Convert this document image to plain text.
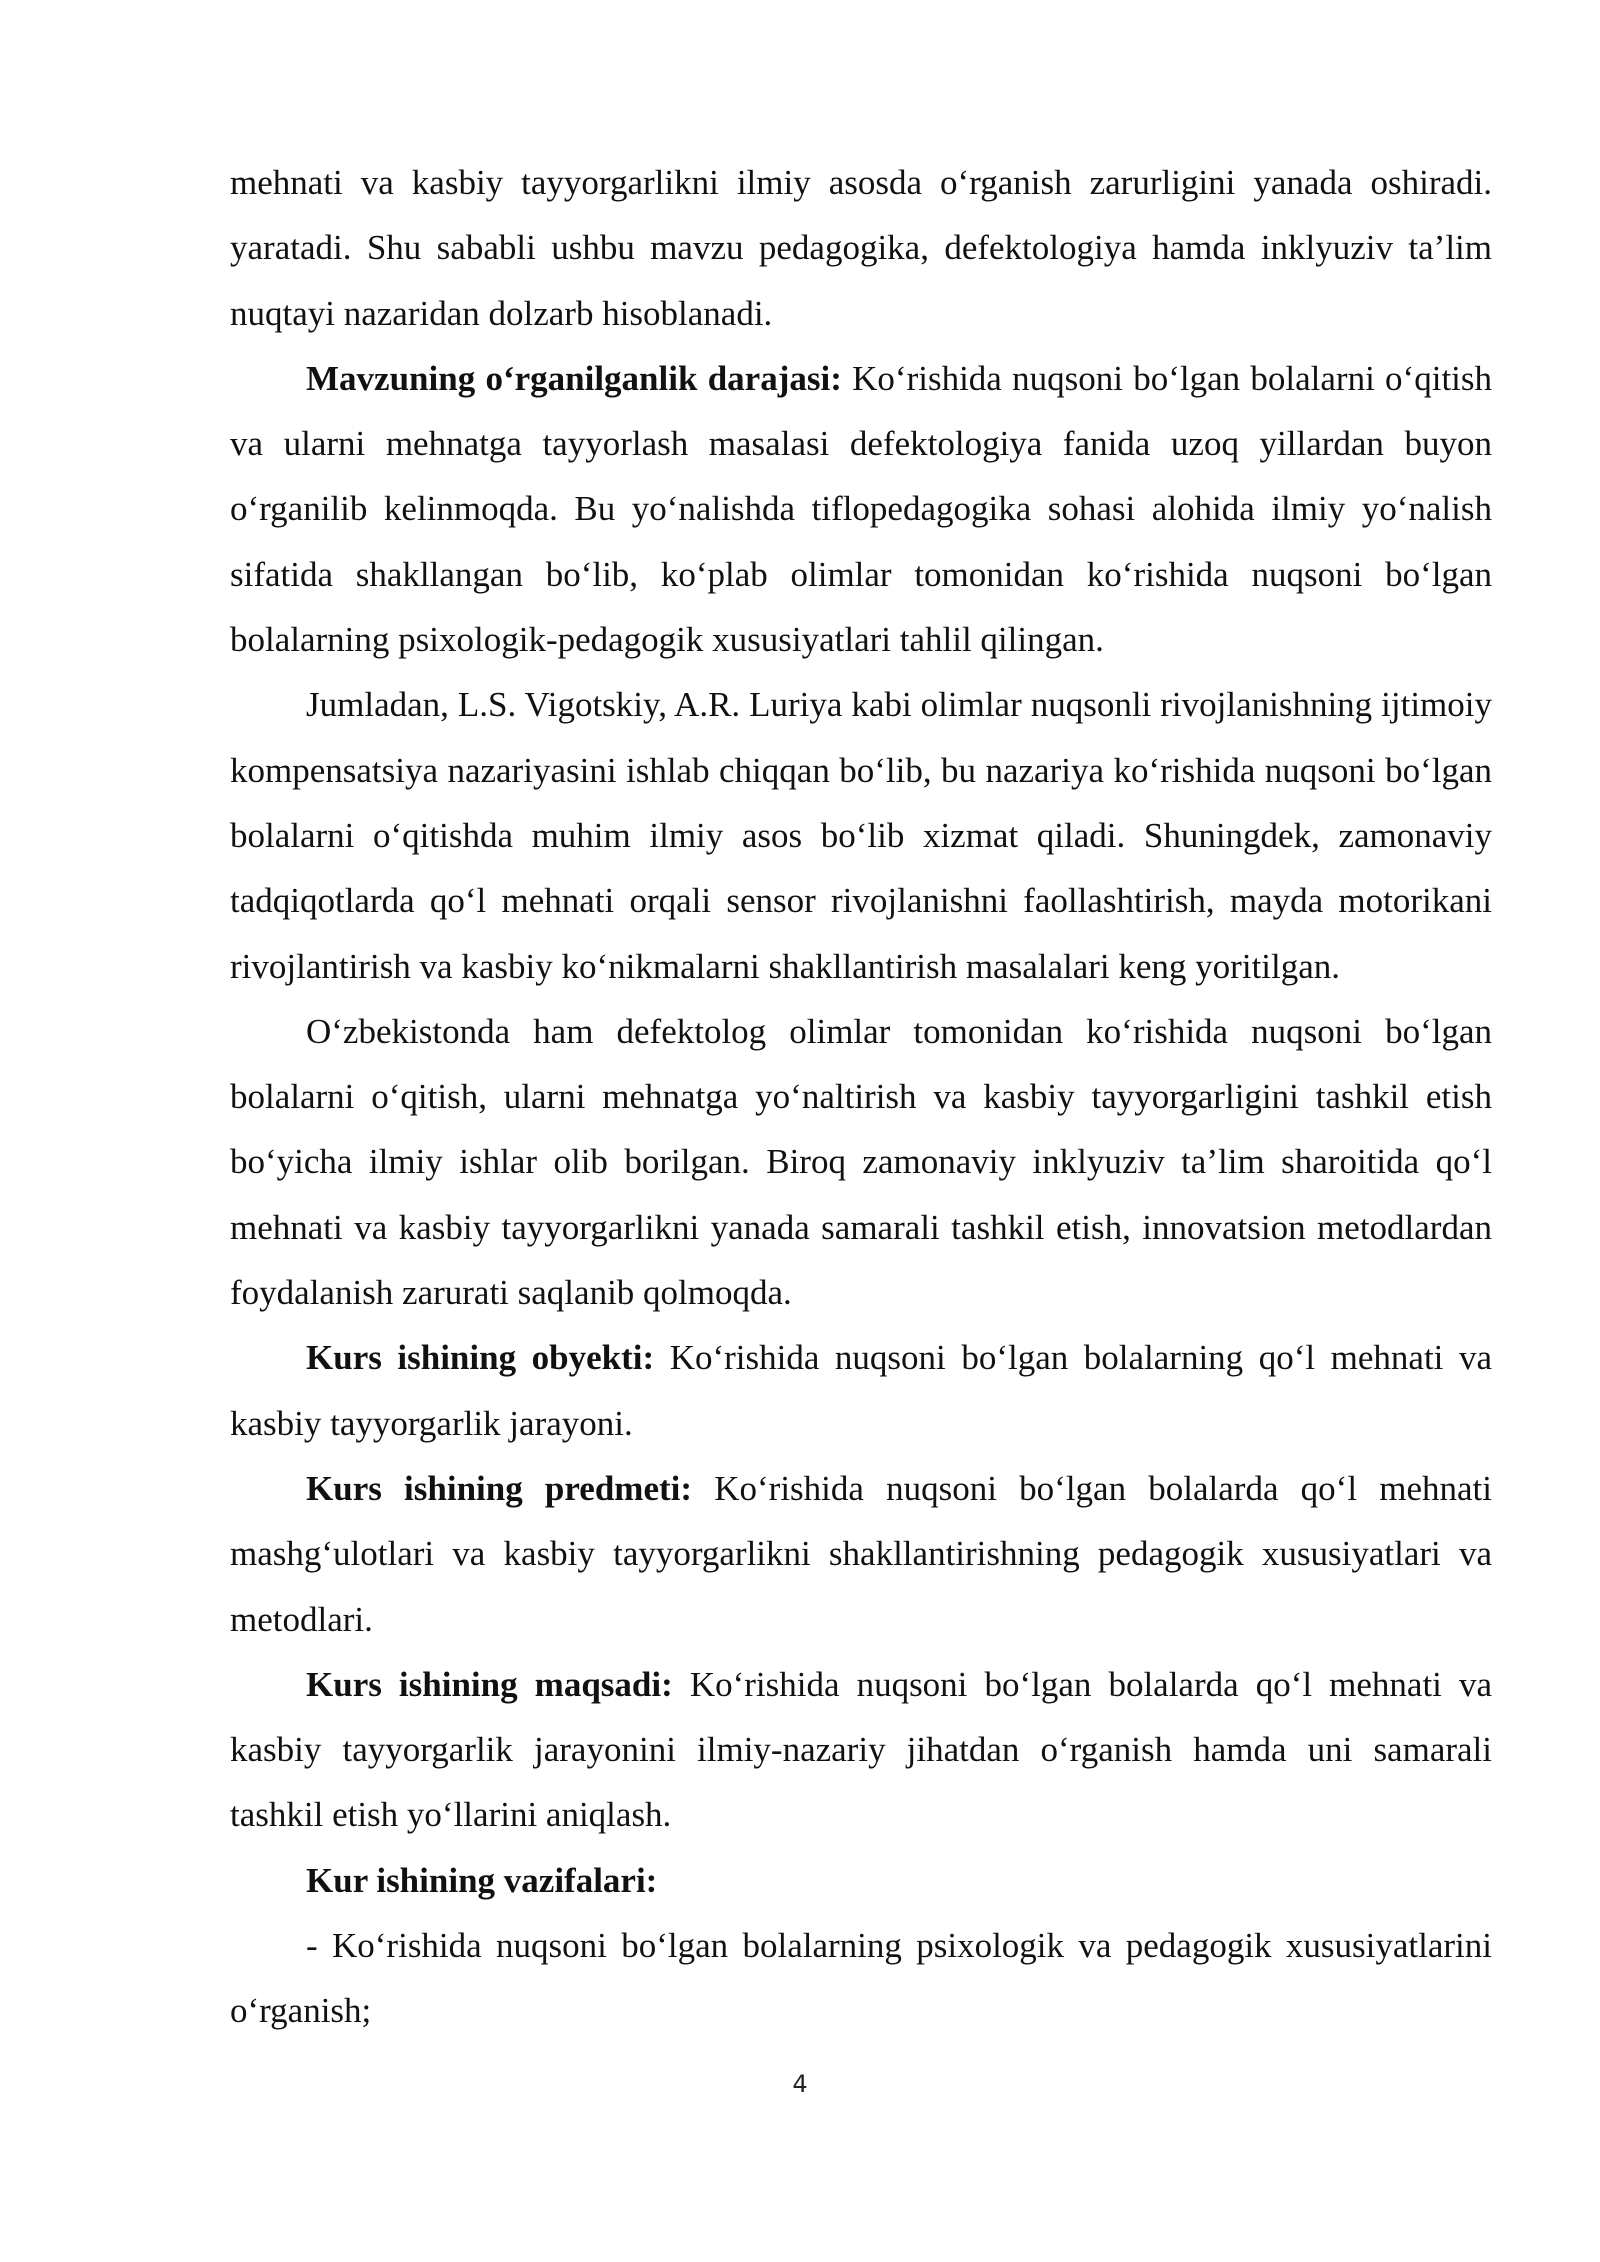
mehnati va kasbiy tayyorgarlikni ilmiy asosda o‘rganish zarurligini yanada oshiradi. yaratadi. Shu sababli ushbu mavzu pedagogika, defektologiya hamda inklyuziv ta’lim nuqtayi nazaridan dolzarb hisoblanadi.

Mavzuning o‘rganilganlik darajasi: Ko‘rishida nuqsoni bo‘lgan bolalarni o‘qitish va ularni mehnatga tayyorlash masalasi defektologiya fanida uzoq yillardan buyon o‘rganilib kelinmoqda. Bu yo‘nalishda tiflopedagogika sohasi alohida ilmiy yo‘nalish sifatida shakllangan bo‘lib, ko‘plab olimlar tomonidan ko‘rishida nuqsoni bo‘lgan bolalarning psixologik-pedagogik xususiyatlari tahlil qilingan.

Jumladan, L.S. Vigotskiy, A.R. Luriya kabi olimlar nuqsonli rivojlanishning ijtimoiy kompensatsiya nazariyasini ishlab chiqqan bo‘lib, bu nazariya ko‘rishida nuqsoni bo‘lgan bolalarni o‘qitishda muhim ilmiy asos bo‘lib xizmat qiladi. Shuningdek, zamonaviy tadqiqotlarda qo‘l mehnati orqali sensor rivojlanishni faollashtirish, mayda motorikani rivojlantirish va kasbiy ko‘nikmalarni shakllantirish masalalari keng yoritilgan.

O‘zbekistonda ham defektolog olimlar tomonidan ko‘rishida nuqsoni bo‘lgan bolalarni o‘qitish, ularni mehnatga yo‘naltirish va kasbiy tayyorgarligini tashkil etish bo‘yicha ilmiy ishlar olib borilgan. Biroq zamonaviy inklyuziv ta’lim sharoitida qo‘l mehnati va kasbiy tayyorgarlikni yanada samarali tashkil etish, innovatsion metodlardan foydalanish zarurati saqlanib qolmoqda.

Kurs ishining obyekti: Ko‘rishida nuqsoni bo‘lgan bolalarning qo‘l mehnati va kasbiy tayyorgarlik jarayoni.

Kurs ishining predmeti: Ko‘rishida nuqsoni bo‘lgan bolalarda qo‘l mehnati mashg‘ulotlari va kasbiy tayyorgarlikni shakllantirishning pedagogik xususiyatlari va metodlari.

Kurs ishining maqsadi: Ko‘rishida nuqsoni bo‘lgan bolalarda qo‘l mehnati va kasbiy tayyorgarlik jarayonini ilmiy-nazariy jihatdan o‘rganish hamda uni samarali tashkil etish yo‘llarini aniqlash.

Kur ishining vazifalari:

- Ko‘rishida nuqsoni bo‘lgan bolalarning psixologik va pedagogik xususiyatlarini o‘rganish;

4
